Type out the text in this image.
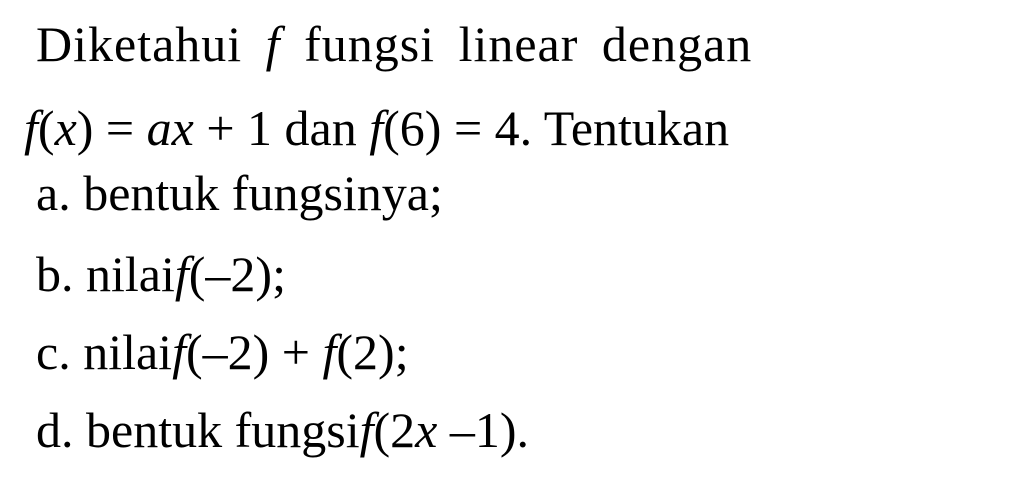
Diketahui f fungsi linear dengan
f(x) = ax + 1 dan f(6) = 4. Tentukan
a. bentuk fungsinya;
b. nilaif(–2);
c. nilaif(–2) + f(2);
d. bentuk fungsif(2x –1).
